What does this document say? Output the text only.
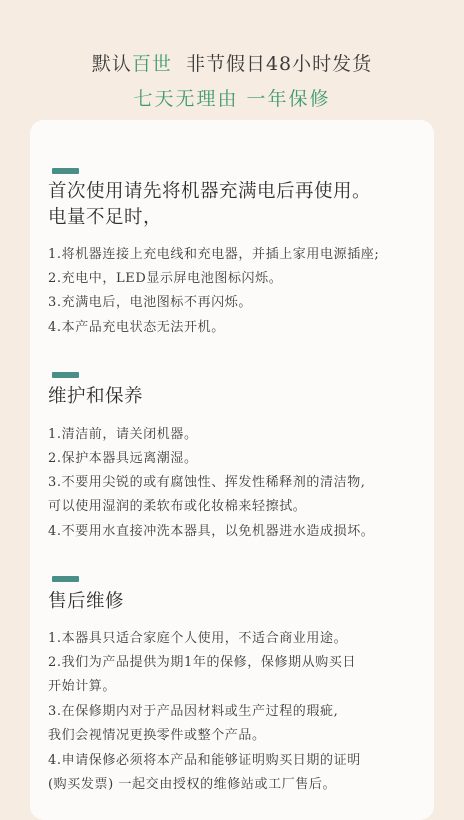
默认百世  非节假日48小时发货
七天无理由 一年保修
首次使用请先将机器充满电后再使用。
电量不足时，
1.将机器连接上充电线和充电器，并插上家用电源插座;
2.充电中，LED显示屏电池图标闪烁。
3.充满电后，电池图标不再闪烁。
4.本产品充电状态无法开机。
维护和保养
1.清洁前，请关闭机器。
2.保护本器具远离潮湿。
3.不要用尖锐的或有腐蚀性、挥发性稀释剂的清洁物,
可以使用湿润的柔软布或化妆棉来轻擦拭。
4.不要用水直接冲洗本器具，以免机器进水造成损坏。
售后维修
1.本器具只适合家庭个人使用，不适合商业用途。
2.我们为产品提供为期1年的保修，保修期从购买日
开始计算。
3.在保修期内对于产品因材料或生产过程的瑕疵,
我们会视情况更换零件或整个产品。
4.申请保修必须将本产品和能够证明购买日期的证明
(购买发票) 一起交由授权的维修站或工厂售后。
